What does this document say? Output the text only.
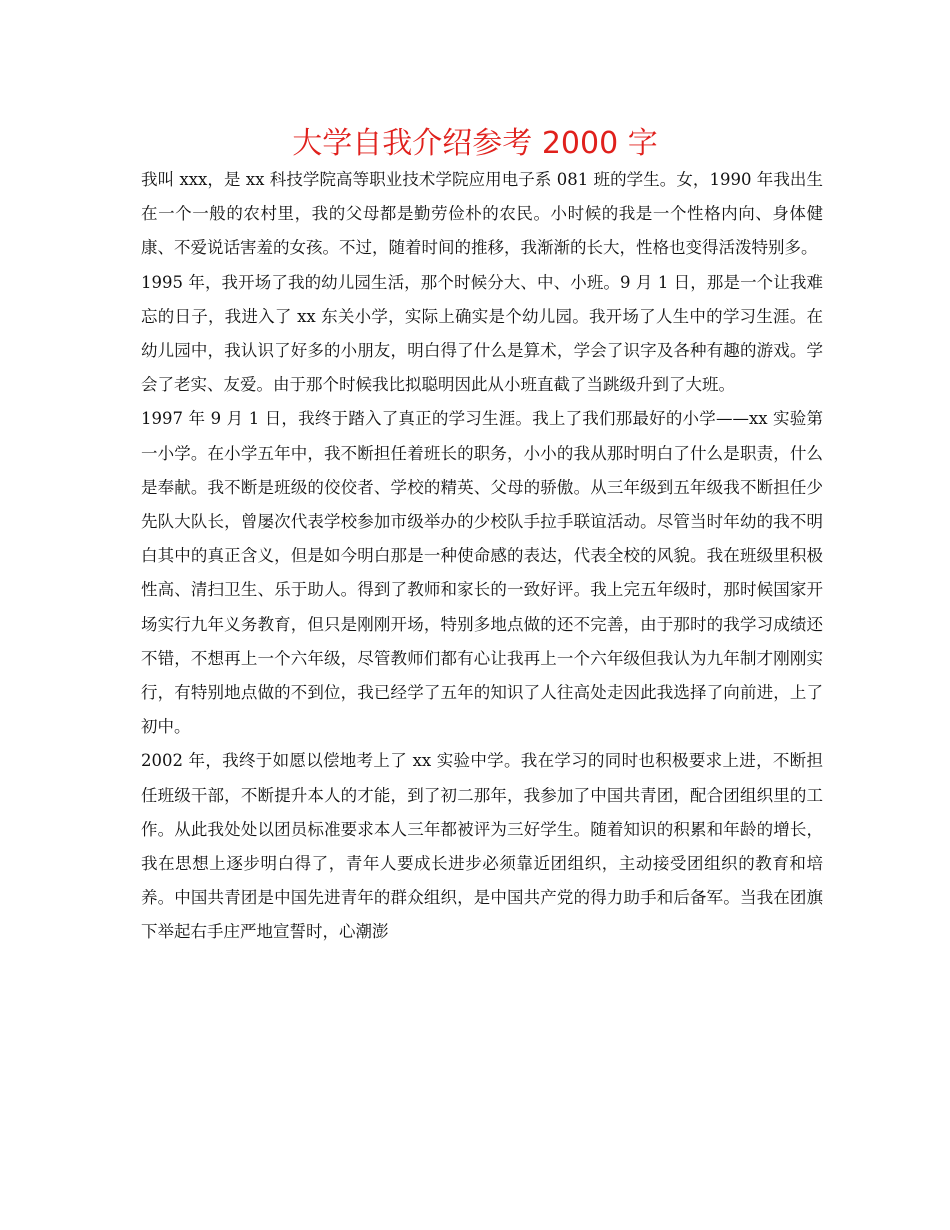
大学自我介绍参考 2000 字

我叫 xxx，是 xx 科技学院高等职业技术学院应用电子系 081 班的学生。女，1990 年我出生在一个一般的农村里，我的父母都是勤劳俭朴的农民。小时候的我是一个性格内向、身体健康、不爱说话害羞的女孩。不过，随着时间的推移，我渐渐的长大，性格也变得活泼特别多。

1995 年，我开场了我的幼儿园生活，那个时候分大、中、小班。9 月 1 日，那是一个让我难忘的日子，我进入了 xx 东关小学，实际上确实是个幼儿园。我开场了人生中的学习生涯。在幼儿园中，我认识了好多的小朋友，明白得了什么是算术，学会了识字及各种有趣的游戏。学会了老实、友爱。由于那个时候我比拟聪明因此从小班直截了当跳级升到了大班。

1997 年 9 月 1 日，我终于踏入了真正的学习生涯。我上了我们那最好的小学——xx 实验第一小学。在小学五年中，我不断担任着班长的职务，小小的我从那时明白了什么是职责，什么是奉献。我不断是班级的佼佼者、学校的精英、父母的骄傲。从三年级到五年级我不断担任少先队大队长，曾屡次代表学校参加市级举办的少校队手拉手联谊活动。尽管当时年幼的我不明白其中的真正含义，但是如今明白那是一种使命感的表达，代表全校的风貌。我在班级里积极性高、清扫卫生、乐于助人。得到了教师和家长的一致好评。我上完五年级时，那时候国家开场实行九年义务教育，但只是刚刚开场，特别多地点做的还不完善，由于那时的我学习成绩还不错，不想再上一个六年级，尽管教师们都有心让我再上一个六年级但我认为九年制才刚刚实行，有特别地点做的不到位，我已经学了五年的知识了人往高处走因此我选择了向前进，上了初中。

2002 年，我终于如愿以偿地考上了 xx 实验中学。我在学习的同时也积极要求上进，不断担任班级干部，不断提升本人的才能，到了初二那年，我参加了中国共青团，配合团组织里的工作。从此我处处以团员标准要求本人三年都被评为三好学生。随着知识的积累和年龄的增长，我在思想上逐步明白得了，青年人要成长进步必须靠近团组织，主动接受团组织的教育和培养。中国共青团是中国先进青年的群众组织，是中国共产党的得力助手和后备军。当我在团旗下举起右手庄严地宣誓时，心潮澎
